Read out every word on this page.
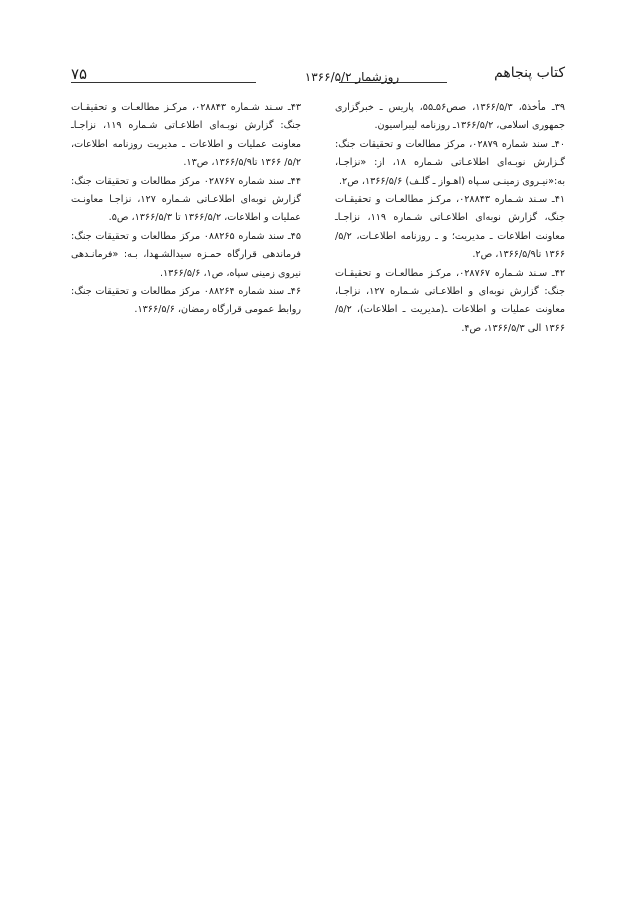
کتاب پنجاهم
روزشمار ۱۳۶۶/۵/۲
۷۵

۳۹ـ مأخذ۵، ۱۳۶۶/۵/۳، صص۵۶ـ۵۵، پاریس ـ خبرگزاری جمهوری اسلامی، ۱۳۶۶/۵/۲ـ روزنامه لیبراسیون.

۴۰ـ سند شماره ۰۲۸۷۹، مرکز مطالعات و تحقیقات جنگ: گـزارش نوبـه‌ای اطلاعـاتی شـماره ۱۸، از: «نزاجـا، به:«نیـروی زمینـی سـپاه (اهـواز ـ گلـف) ۱۳۶۶/۵/۶، ص۲.

۴۱ـ سـند شـماره ۰۲۸۸۴۳، مرکـز مطالعـات و تحقیقـات جنگ، گزارش نوبه‌ای اطلاعـاتی شـماره ۱۱۹، نزاجـاـ معاونت اطلاعات ـ مدیریت؛ و ـ روزنامه اطلاعـات، ۵/۲/ ۱۳۶۶ تا۱۳۶۶/۵/۹، ص۲.

۴۲ـ سـند شـماره ۰۲۸۷۶۷، مرکـز مطالعـات و تحقیقـات جنگ: گزارش نوبه‌ای و اطلاعـاتی شـماره ۱۲۷، نزاجـا، معاونت عملیات و اطلاعات ـ(مدیریت ـ اطلاعات)، ۵/۲/ ۱۳۶۶ الی ۱۳۶۶/۵/۳، ص۴.

۴۳ـ سـند شـماره ۰۲۸۸۴۳، مرکـز مطالعـات و تحقیقـات جنگ: گزارش نوبـه‌ای اطلاعـاتی شـماره ۱۱۹، نزاجـاـ معاونت عملیات و اطلاعات ـ مدیریت روزنامه اطلاعات، ۵/۲/ ۱۳۶۶ تا۱۳۶۶/۵/۹، ص۱۳.

۴۴ـ سند شماره ۰۲۸۷۶۷ مرکز مطالعات و تحقیقات جنگ: گزارش نوبه‌ای اطلاعـاتی شـماره ۱۲۷، نزاجـا معاونـت عملیات و اطلاعات، ۱۳۶۶/۵/۲ تا ۱۳۶۶/۵/۳، ص۵.

۴۵ـ سند شماره ۰۸۸۲۶۵ مرکز مطالعات و تحقیقات جنگ: فرماندهی قرارگاه حمـزه سیدالشـهدا، بـه: «فرمانـدهی نیروی زمینی سپاه، ص۱، ۱۳۶۶/۵/۶.

۴۶ـ سند شماره ۰۸۸۲۶۴ مرکز مطالعات و تحقیقات جنگ: روابط عمومی قرارگاه رمضان، ۱۳۶۶/۵/۶.
